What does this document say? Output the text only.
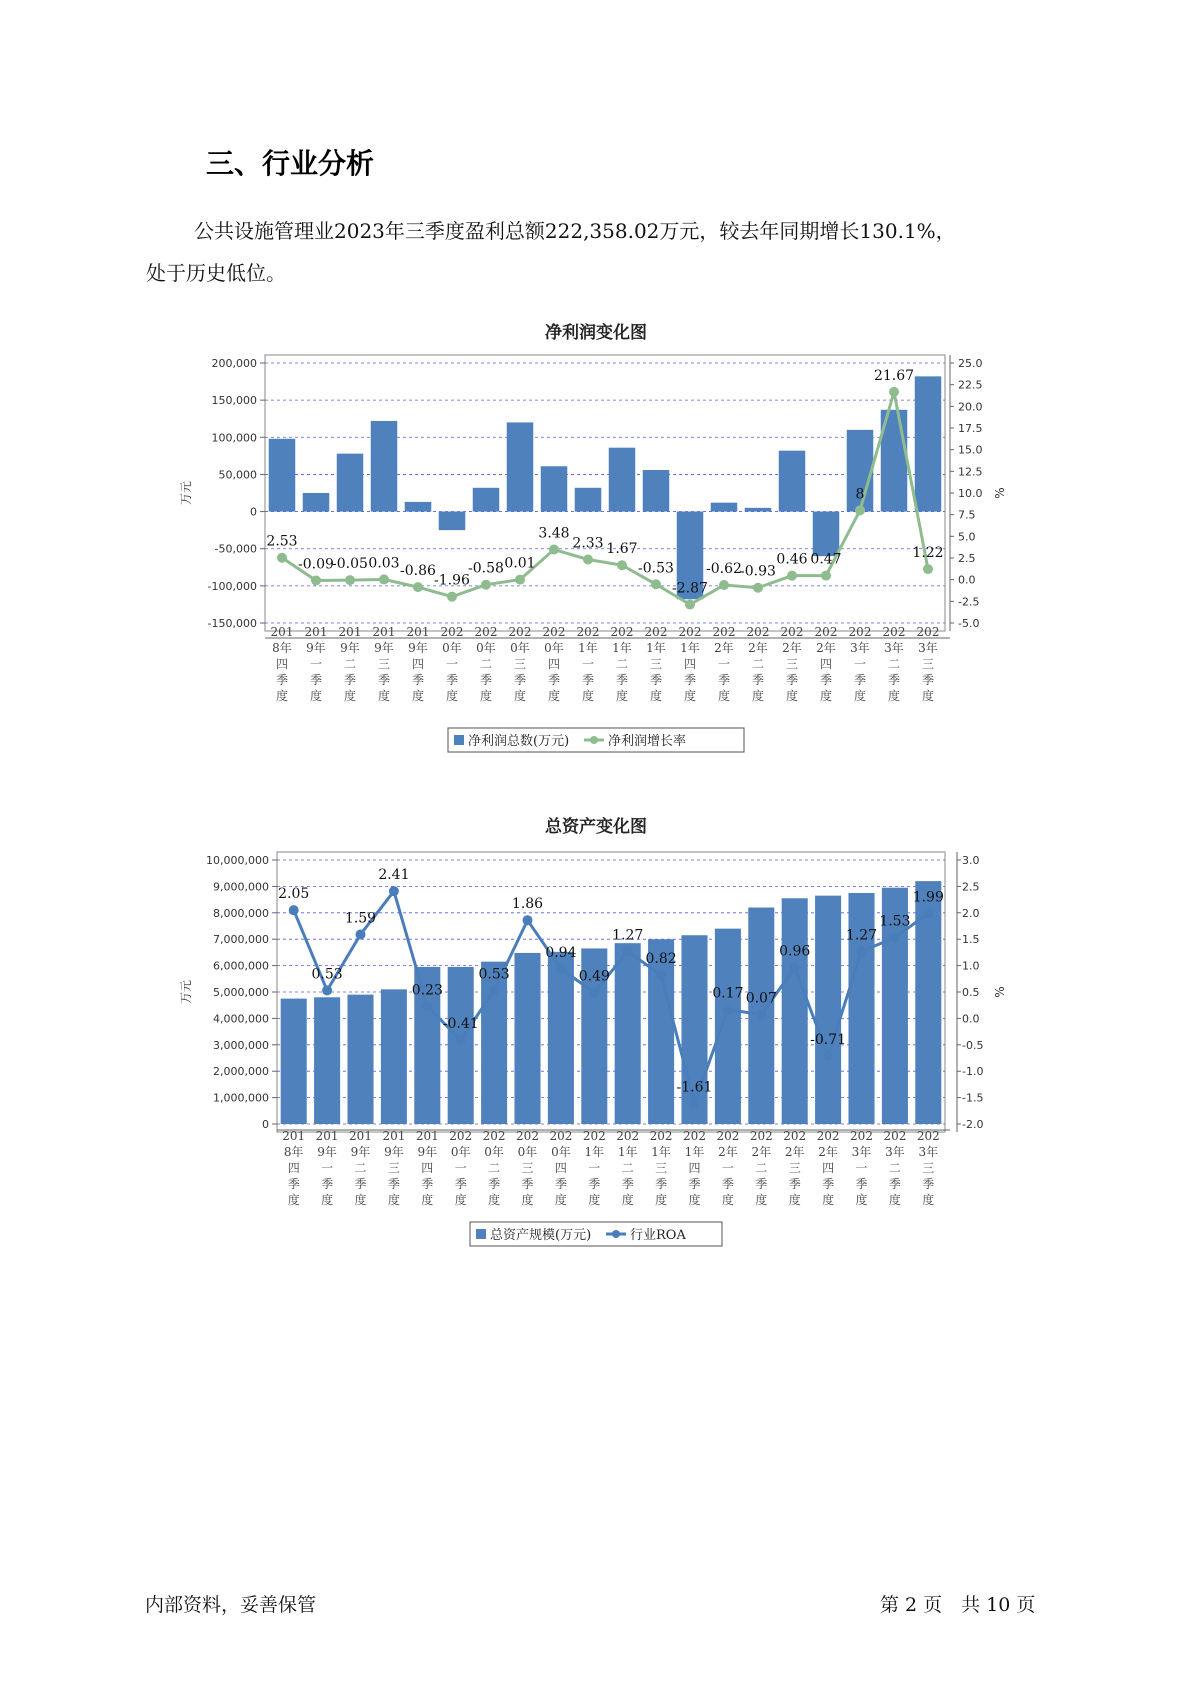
三、行业分析
公共设施管理业2023年三季度盈利总额222,358.02万元，较去年同期增长130.1%，
处于历史低位。
净利润变化图
200,000
150,000
100,000
50,000
0
-50,000
-100,000
-150,000
25.0
22.5
20.0
17.5
15.0
12.5
10.0
7.5
5.0
2.5
0.0
-2.5
-5.0
万元	%
2.53
-0.09
-0.05 0.03 -0.86
-1.96
-0.58 0.01
3.48
2.33 1.67
-0.53
-2.87
-0.62
-0.93
0.46 0.47
8
21.67
1.22
201 8年四季度
201 9年一季度
201 9年二季度
201 9年三季度
201 9年四季度
202 0年一季度
202 0年二季度
202 0年三季度
202 0年四季度
202 1年一季度
202 1年二季度
202 1年三季度
202 1年四季度
202 2年一季度
202 2年二季度
202 2年三季度
202 2年四季度
202 3年一季度
202 3年二季度
202 3年三季度
净利润总数(万元)	净利润增长率
总资产变化图
10,000,000
9,000,000
8,000,000
7,000,000
6,000,000
5,000,000
4,000,000
3,000,000
2,000,000
1,000,000
0
3.0
2.5
2.0
1.5
1.0
0.5
0.0
-0.5
-1.0
-1.5
-2.0
万元	%
2.05
0.53
1.59
2.41
0.23
-0.41
0.53
1.86
0.94
0.49
1.27
0.82
-1.61
0.17 0.07
0.96
-0.71
1.27
1.53
1.99
201 8年四季度
201 9年一季度
201 9年二季度
201 9年三季度
201 9年四季度
202 0年一季度
202 0年二季度
202 0年三季度
202 0年四季度
202 1年一季度
202 1年二季度
202 1年三季度
202 1年四季度
202 2年一季度
202 2年二季度
202 2年三季度
202 2年四季度
202 3年一季度
202 3年二季度
202 3年三季度
总资产规模(万元)	行业ROA
内部资料，妥善保管	第 2 页　共 10 页
